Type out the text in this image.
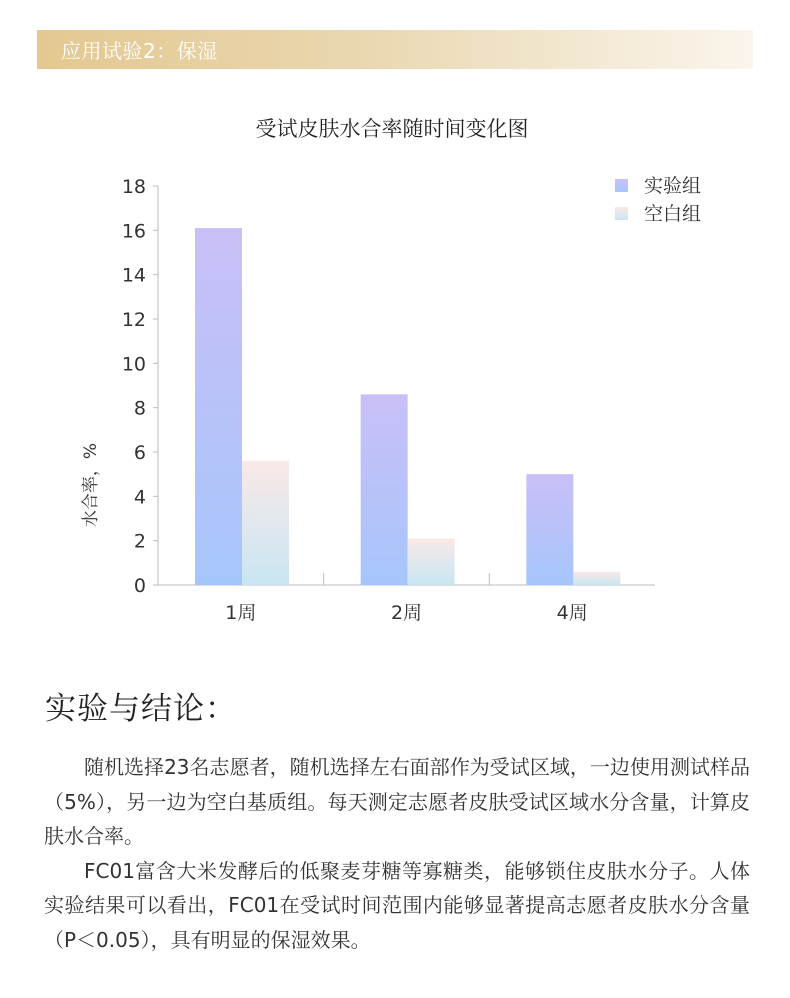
应用试验2：保湿
受试皮肤水合率随时间变化图
水合率，%
0
2
4
6
8
10
12
14
16
18
1周	2周	4周
实验组
空白组
实验与结论：

随机选择23名志愿者，随机选择左右面部作为受试区域，一边使用测试样品（5%），另一边为空白基质组。每天测定志愿者皮肤受试区域水分含量，计算皮肤水合率。

FC01富含大米发酵后的低聚麦芽糖等寡糖类，能够锁住皮肤水分子。人体实验结果可以看出，FC01在受试时间范围内能够显著提高志愿者皮肤水分含量（P＜0.05），具有明显的保湿效果。
